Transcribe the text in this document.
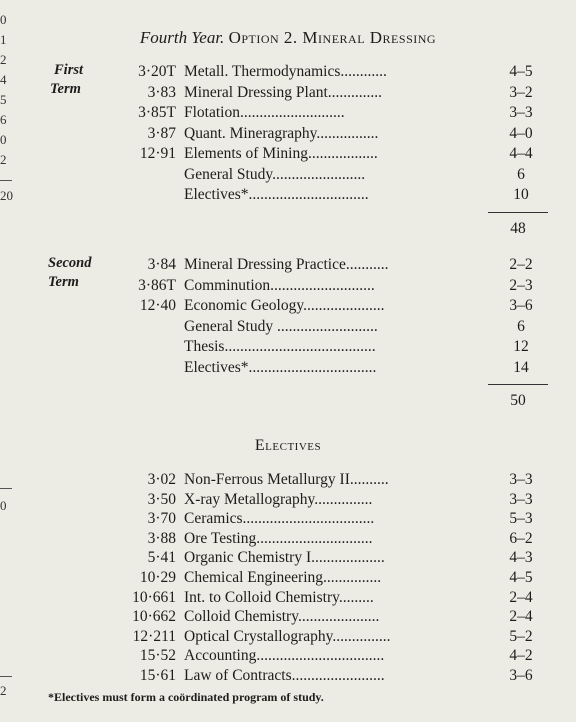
0
1
2
4
5
6
0
2
20
0
2
Fourth Year. Option 2. Mineral Dressing
First
Term
3·20T Metall. Thermodynamics............	4–5
3·83 Mineral Dressing Plant..............	3–2
3·85T Flotation...........................	3–3
3·87 Quant. Mineragraphy................	4–0
12·91 Elements of Mining..................	4–4
General Study........................	6
Electives*...............................	10
48
Second
Term
3·84 Mineral Dressing Practice...........	2–2
3·86T Comminution...........................	2–3
12·40 Economic Geology.....................	3–6
General Study ..........................	6
Thesis.......................................	12
Electives*.................................	14
50
Electives
3·02 Non-Ferrous Metallurgy II..........	3–3
3·50 X-ray Metallography...............	3–3
3·70 Ceramics..................................	5–3
3·88 Ore Testing..............................	6–2
5·41 Organic Chemistry I...................	4–3
10·29 Chemical Engineering...............	4–5
10·661 Int. to Colloid Chemistry.........	2–4
10·662 Colloid Chemistry.....................	2–4
12·211 Optical Crystallography...............	5–2
15·52 Accounting.................................	4–2
15·61 Law of Contracts........................	3–6
*Electives must form a coördinated program of study.
